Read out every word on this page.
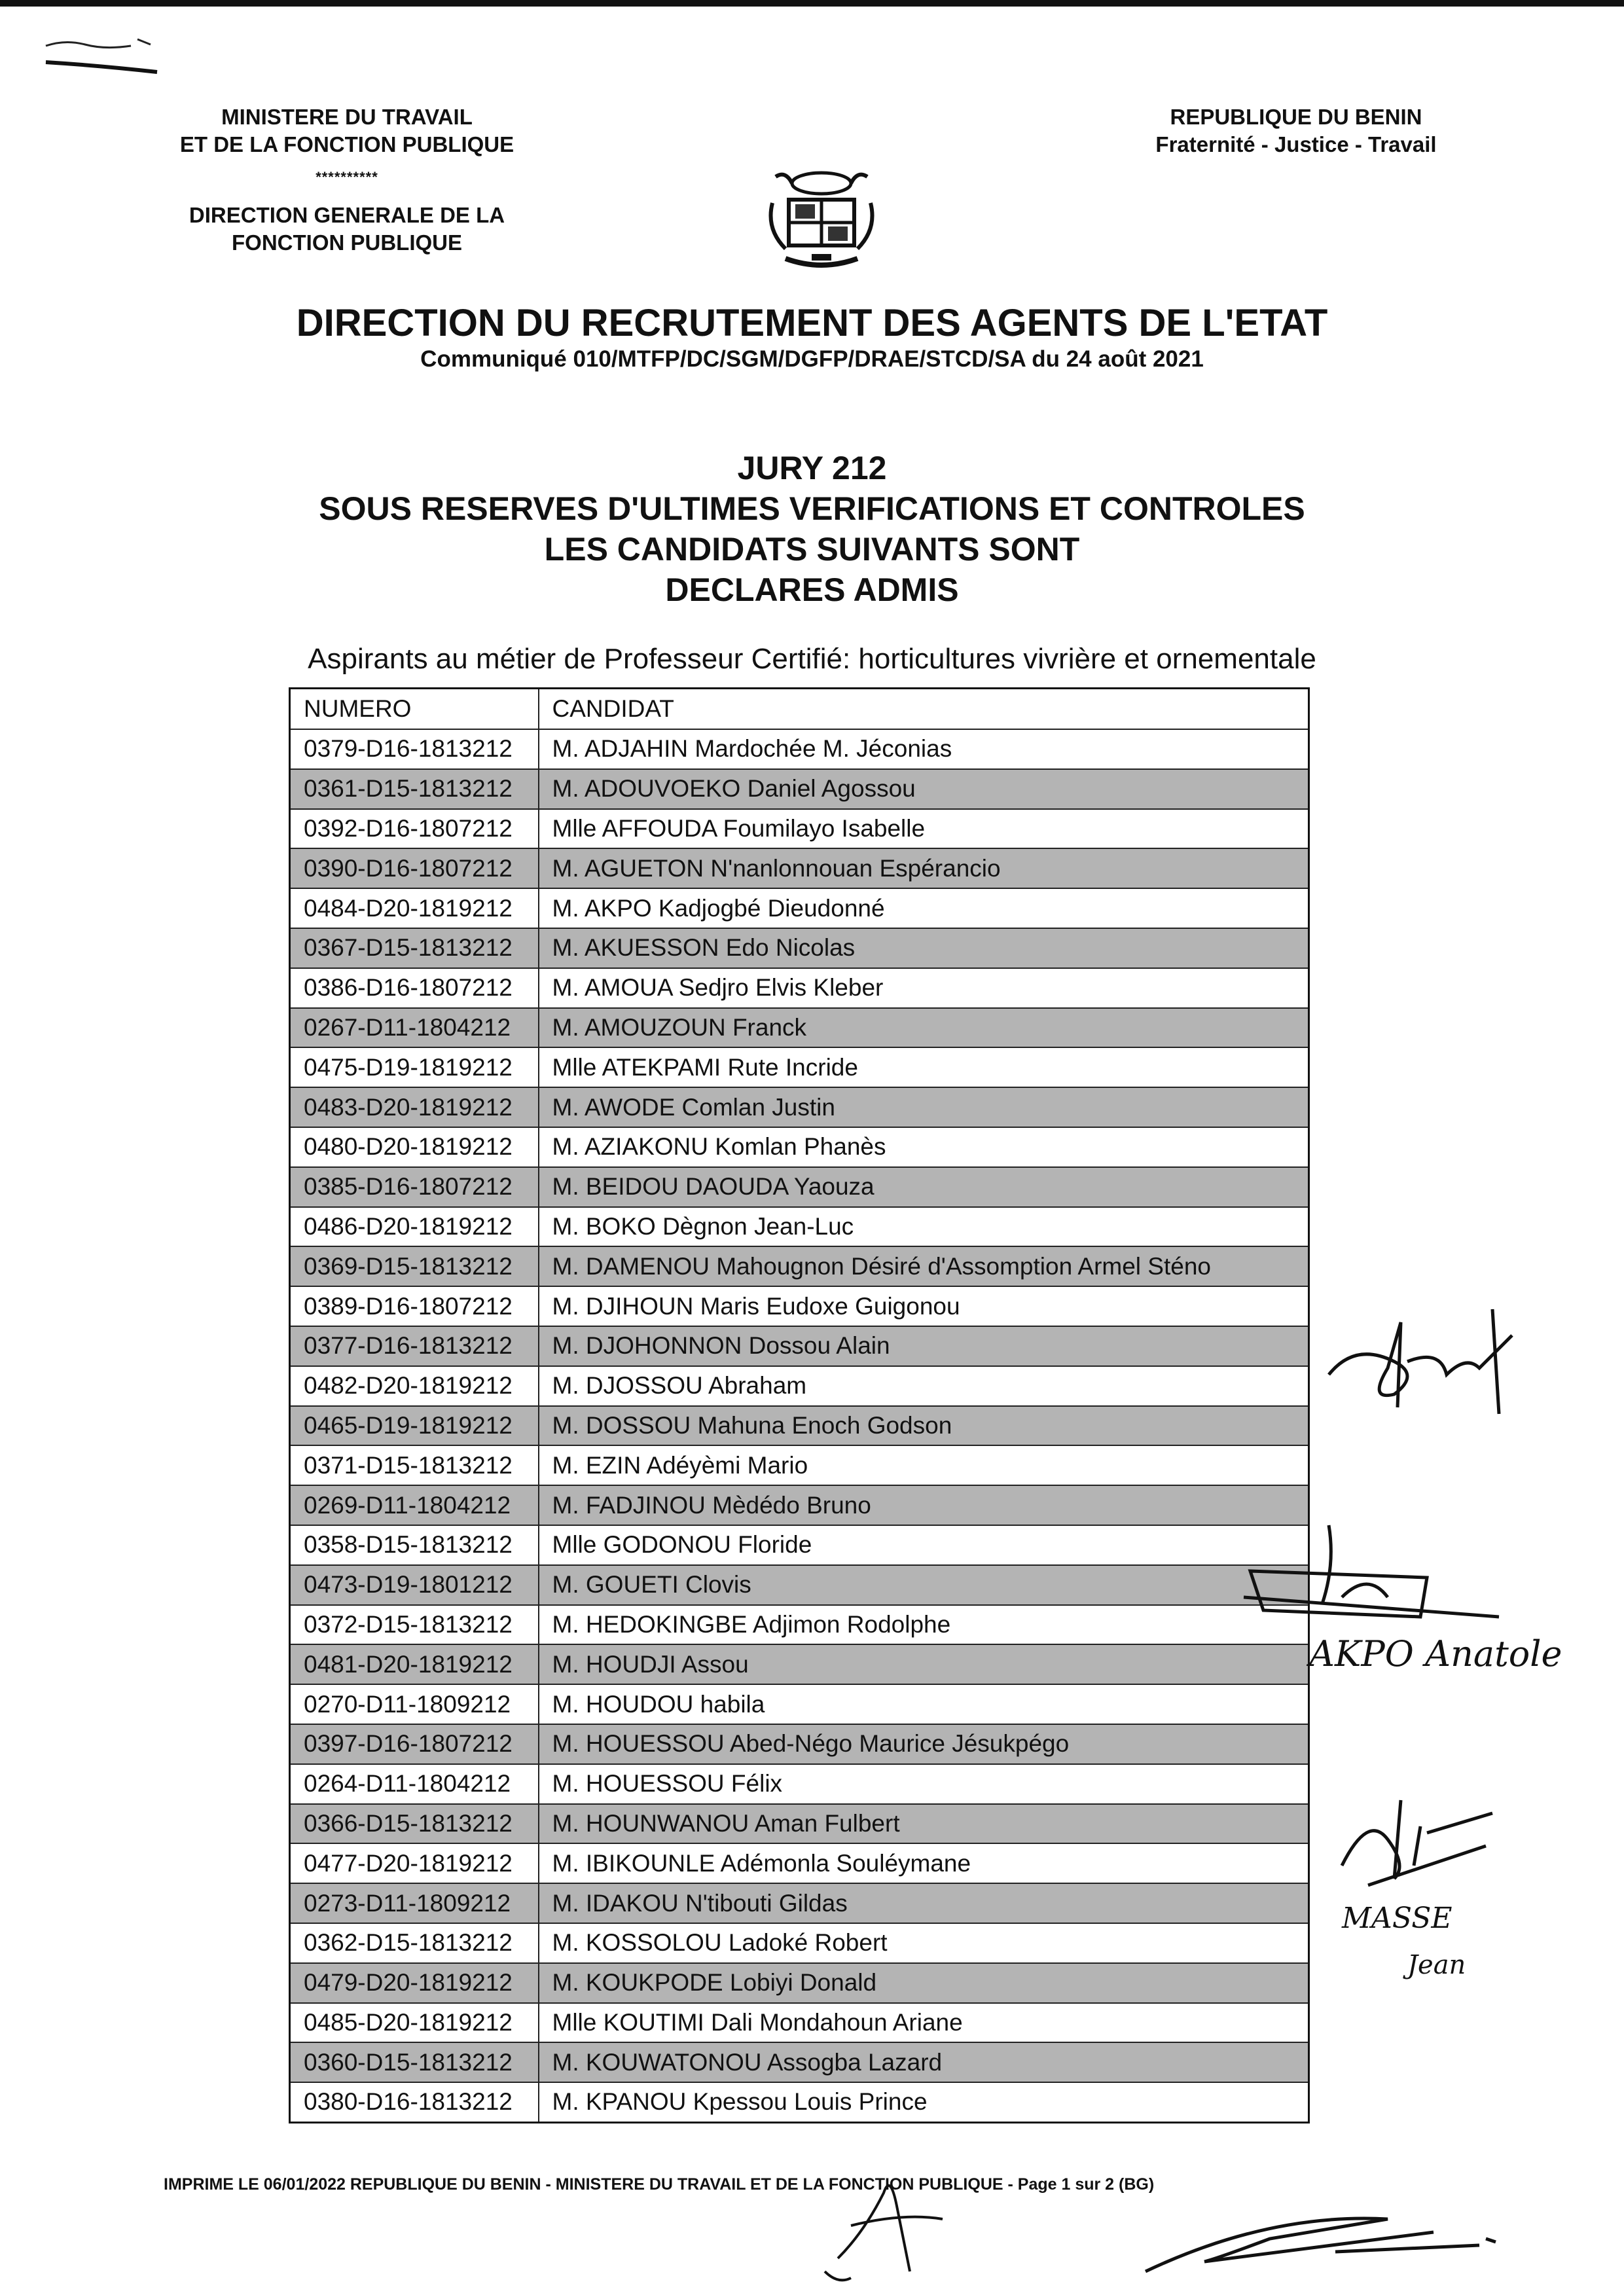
MINISTERE DU TRAVAIL
ET DE LA FONCTION PUBLIQUE
**********
DIRECTION GENERALE DE LA
FONCTION PUBLIQUE
REPUBLIQUE DU BENIN
Fraternité - Justice - Travail
DIRECTION DU RECRUTEMENT DES AGENTS DE L'ETAT
Communiqué 010/MTFP/DC/SGM/DGFP/DRAE/STCD/SA du 24 août 2021
JURY 212
SOUS RESERVES D'ULTIMES VERIFICATIONS ET CONTROLES
LES CANDIDATS SUIVANTS SONT
DECLARES ADMIS
Aspirants au métier de Professeur Certifié: horticultures vivrière et ornementale
NUMERO	CANDIDAT
0379-D16-1813212	M. ADJAHIN Mardochée M. Jéconias
0361-D15-1813212	M. ADOUVOEKO Daniel Agossou
0392-D16-1807212	Mlle AFFOUDA Foumilayo Isabelle
0390-D16-1807212	M. AGUETON N'nanlonnouan Espérancio
0484-D20-1819212	M. AKPO Kadjogbé Dieudonné
0367-D15-1813212	M. AKUESSON Edo Nicolas
0386-D16-1807212	M. AMOUA Sedjro Elvis Kleber
0267-D11-1804212	M. AMOUZOUN Franck
0475-D19-1819212	Mlle ATEKPAMI Rute Incride
0483-D20-1819212	M. AWODE Comlan Justin
0480-D20-1819212	M. AZIAKONU Komlan Phanès
0385-D16-1807212	M. BEIDOU DAOUDA Yaouza
0486-D20-1819212	M. BOKO Dègnon Jean-Luc
0369-D15-1813212	M. DAMENOU Mahougnon Désiré d'Assomption Armel Sténo
0389-D16-1807212	M. DJIHOUN Maris Eudoxe Guigonou
0377-D16-1813212	M. DJOHONNON Dossou Alain
0482-D20-1819212	M. DJOSSOU Abraham
0465-D19-1819212	M. DOSSOU Mahuna Enoch Godson
0371-D15-1813212	M. EZIN Adéyèmi Mario
0269-D11-1804212	M. FADJINOU Mèdédo Bruno
0358-D15-1813212	Mlle GODONOU Floride
0473-D19-1801212	M. GOUETI Clovis
0372-D15-1813212	M. HEDOKINGBE Adjimon Rodolphe
0481-D20-1819212	M. HOUDJI Assou
0270-D11-1809212	M. HOUDOU habila
0397-D16-1807212	M. HOUESSOU Abed-Négo Maurice Jésukpégo
0264-D11-1804212	M. HOUESSOU Félix
0366-D15-1813212	M. HOUNWANOU Aman Fulbert
0477-D20-1819212	M. IBIKOUNLE Adémonla Souléymane
0273-D11-1809212	M. IDAKOU N'tibouti Gildas
0362-D15-1813212	M. KOSSOLOU Ladoké Robert
0479-D20-1819212	M. KOUKPODE Lobiyi Donald
0485-D20-1819212	Mlle KOUTIMI Dali Mondahoun Ariane
0360-D15-1813212	M. KOUWATONOU Assogba Lazard
0380-D16-1813212	M. KPANOU Kpessou Louis Prince
IMPRIME LE 06/01/2022 REPUBLIQUE DU BENIN - MINISTERE DU TRAVAIL ET DE LA FONCTION PUBLIQUE - Page 1 sur 2 (BG)
AKPO Anatole
MASSE
Jean
